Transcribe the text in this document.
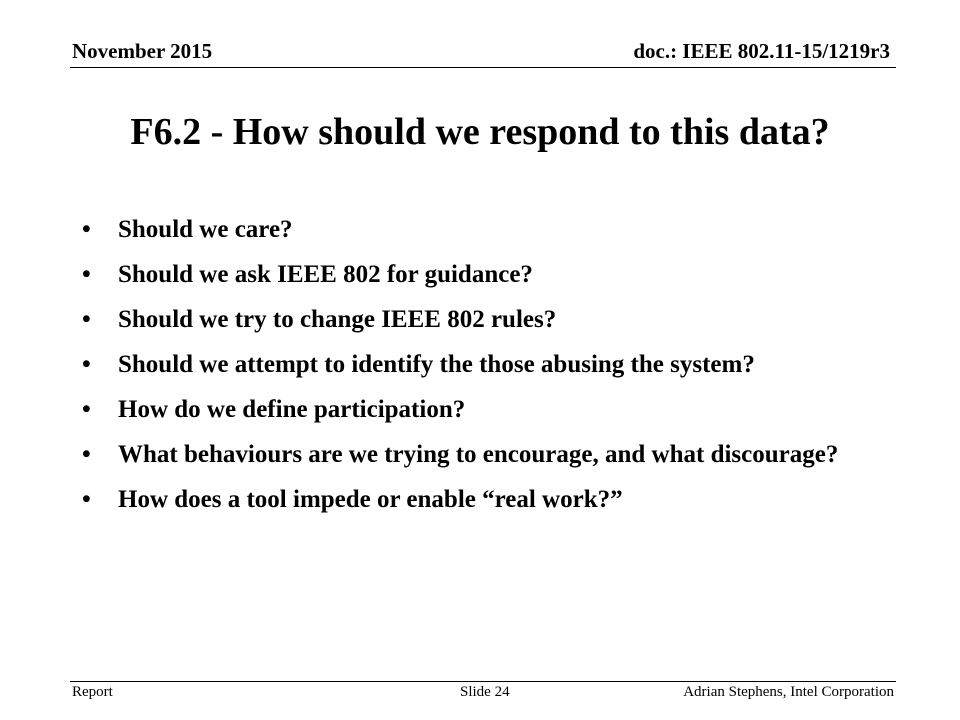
November 2015	doc.: IEEE 802.11-15/1219r3
F6.2 - How should we respond to this data?
• Should we care?
• Should we ask IEEE 802 for guidance?
• Should we try to change IEEE 802 rules?
• Should we attempt to identify the those abusing the system?
• How do we define participation?
• What behaviours are we trying to encourage, and what discourage?
• How does a tool impede or enable “real work?”
Report	Slide 24	Adrian Stephens, Intel Corporation
